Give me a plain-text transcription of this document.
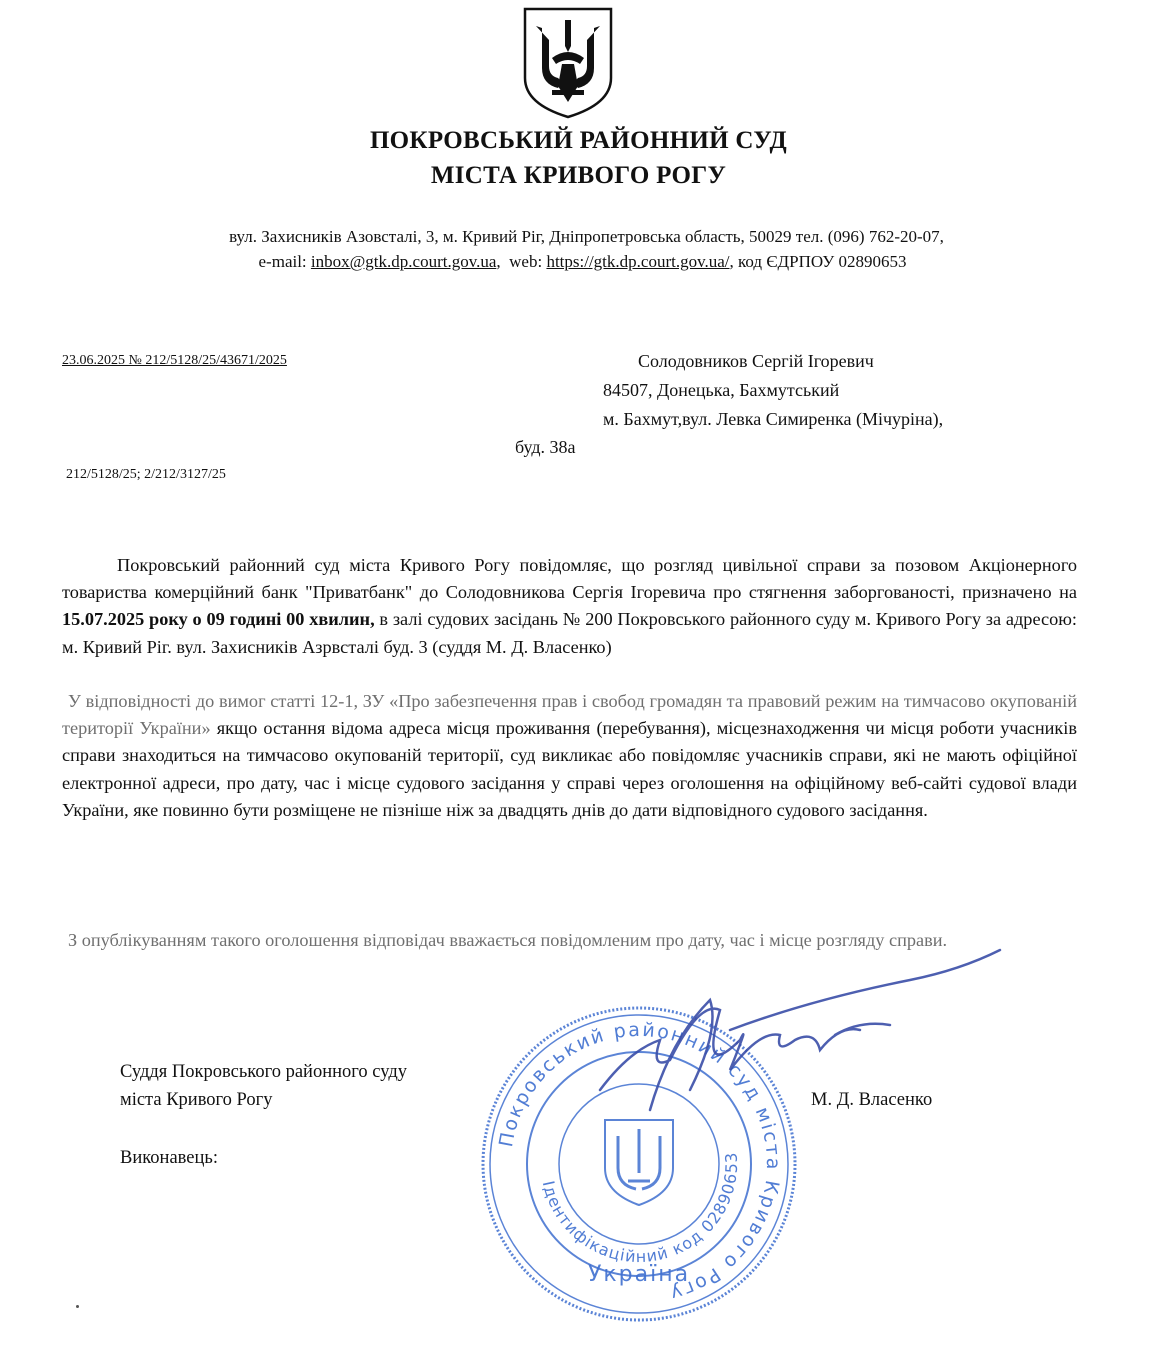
ПОКРОВСЬКИЙ РАЙОННИЙ СУД
МІСТА КРИВОГО РОГУ
вул. Захисників Азовсталі, 3, м. Кривий Ріг, Дніпропетровська область, 50029 тел. (096) 762-20-07,
e-mail: inbox@gtk.dp.court.gov.ua,  web: https://gtk.dp.court.gov.ua/, код ЄДРПОУ 02890653
23.06.2025 № 212/5128/25/43671/2025
212/5128/25; 2/212/3127/25
Солодовников Сергій Ігоревич
84507, Донецька, Бахмутський
м. Бахмут,вул. Левка Симиренка (Мічуріна),
буд. 38а
Покровський районний суд міста Кривого Рогу повідомляє, що розгляд цивільної справи за позовом Акціонерного товариства комерційний банк "Приватбанк" до Солодовникова Сергія Ігоревича про стягнення заборгованості, призначено на 15.07.2025 року о 09 годині 00 хвилин, в залі судових засідань № 200 Покровського районного суду м. Кривого Рогу за адресою: м. Кривий Ріг. вул. Захисників Азрвсталі буд. 3 (суддя М. Д. Власенко)
У відповідності до вимог статті 12-1, ЗУ «Про забезпечення прав і свобод громадян та правовий режим на тимчасово окупованій території України» якщо остання відома адреса місця проживання (перебування), місцезнаходження чи місця роботи учасників справи знаходиться на тимчасово окупованій території, суд викликає або повідомляє учасників справи, які не мають офіційної електронної адреси, про дату, час і місце судового засідання у справі через оголошення на офіційному веб-сайті судової влади України, яке повинно бути розміщене не пізніше ніж за двадцять днів до дати відповідного судового засідання.
З опублікуванням такого оголошення відповідач вважається повідомленим про дату, час і місце розгляду справи.
Суддя Покровського районного суду
міста Кривого Рогу	М. Д. Власенко
Виконавець:
Покровський районний суд міста Кривого Рогу
Ідентифікаційний код 02890653
Україна
